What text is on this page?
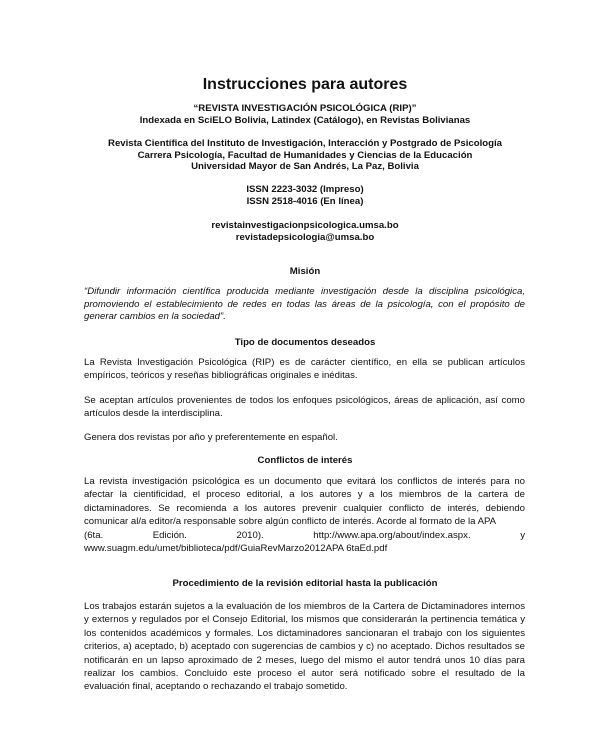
Instrucciones para autores
“REVISTA INVESTIGACIÓN PSICOLÓGICA (RIP)”
Indexada en SciELO Bolivia, Latindex (Catálogo), en Revistas Bolivianas
Revista Científica del Instituto de Investigación, Interacción y Postgrado de Psicología
Carrera Psicología, Facultad de Humanidades y Ciencias de la Educación
Universidad Mayor de San Andrés, La Paz, Bolivia
ISSN 2223-3032 (Impreso)
ISSN 2518-4016 (En línea)
revistainvestigacionpsicologica.umsa.bo
revistadepsicologia@umsa.bo
Misión
“Difundir información científica producida mediante investigación desde la disciplina psicológica, promoviendo el establecimiento de redes en todas las áreas de la psicología, con el propósito de generar cambios en la sociedad”.
Tipo de documentos deseados
La Revista Investigación Psicológica (RIP) es de carácter científico, en ella se publican artículos empíricos, teóricos y reseñas bibliográficas originales e inéditas.
Se aceptan artículos provenientes de todos los enfoques psicológicos, áreas de aplicación, así como artículos desde la interdisciplina.
Genera dos revistas por año y preferentemente en español.
Conflictos de interés
La revista investigación psicológica es un documento que evitará los conflictos de interés para no afectar la cientificidad, el proceso editorial, a los autores y a los miembros de la cartera de dictaminadores. Se recomienda a los autores prevenir cualquier conflicto de interés, debiendo comunicar al/a editor/a responsable sobre algún conflicto de interés. Acorde al formato de la APA
(6ta.	Edición.	2010).	http://www.apa.org/about/index.aspx.	y
www.suagm.edu/umet/biblioteca/pdf/GuiaRevMarzo2012APA 6taEd.pdf
Procedimiento de la revisión editorial hasta la publicación
Los trabajos estarán sujetos a la evaluación de los miembros de la Cartera de Dictaminadores internos y externos y regulados por el Consejo Editorial, los mismos que considerarán la pertinencia temática y los contenidos académicos y formales. Los dictaminadores sancionaran el trabajo con los siguientes criterios, a) aceptado, b) aceptado con sugerencias de cambios y c) no aceptado. Dichos resultados se notificarán en un lapso aproximado de 2 meses, luego del mismo el autor tendrá unos 10 días para realizar los cambios. Concluido este proceso el autor será notificado sobre el resultado de la evaluación final, aceptando o rechazando el trabajo sometido.
